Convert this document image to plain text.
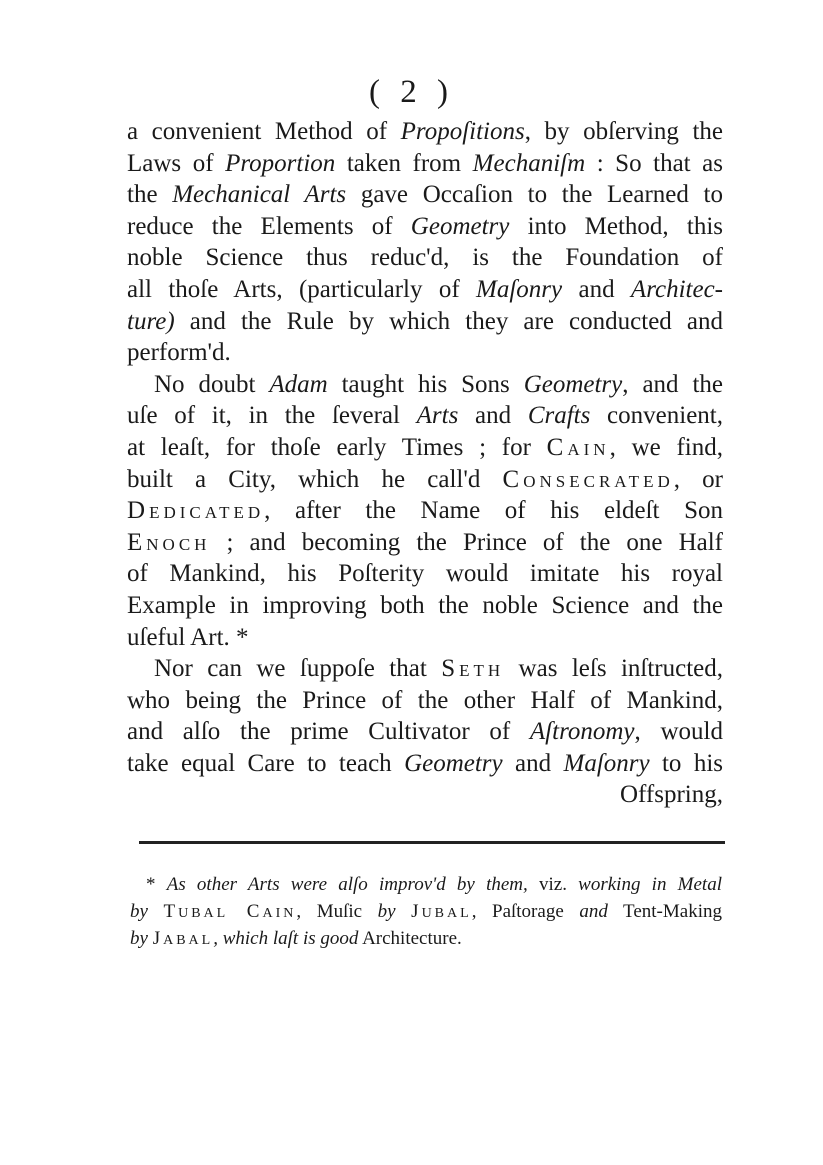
( 2 )
a convenient Method of Propoſitions, by obſerving the
Laws of Proportion taken from Mechaniſm : So that as
the Mechanical Arts gave Occaſion to the Learned to
reduce the Elements of Geometry into Method, this
noble Science thus reduc'd, is the Foundation of
all thoſe Arts, (particularly of Maſonry and Architec-
ture) and the Rule by which they are conducted and
perform'd.
No doubt Adam taught his Sons Geometry, and the
uſe of it, in the ſeveral Arts and Crafts convenient,
at leaſt, for thoſe early Times ; for CAIN, we find,
built a City, which he call'd CONSECRATED, or
DEDICATED, after the Name of his eldeſt Son
ENOCH ; and becoming the Prince of the one Half
of Mankind, his Poſterity would imitate his royal
Example in improving both the noble Science and the
uſeful Art. *
Nor can we ſuppoſe that SETH was leſs inſtructed,
who being the Prince of the other Half of Mankind,
and alſo the prime Cultivator of Aſtronomy, would
take equal Care to teach Geometry and Maſonry to his
Offspring,
* As other Arts were alſo improv'd by them, viz. working in Metal
by TUBAL CAIN, Muſic by JUBAL, Paſtorage and Tent-Making
by JABAL, which laſt is good Architecture.
